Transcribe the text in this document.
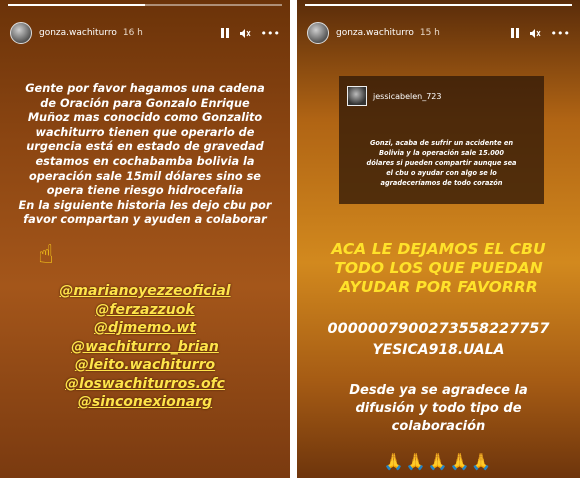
gonza.wachiturro 16 h	•••

Gente por favor hagamos una cadena

de Oración para Gonzalo Enrique

Muñoz mas conocido como Gonzalito

wachiturro tienen que operarlo de

urgencia está en estado de gravedad

estamos en cochabamba bolivia la

operación sale 15mil dólares sino se

opera tiene riesgo hidrocefalia

En la siguiente historia les dejo cbu por

favor compartan y ayuden a colaborar

☝
@marianoyezzeoficial
@ferzazzuok
@djmemo.wt
@wachiturro_brian
@leito.wachiturro
@loswachiturros.ofc
@sinconexionarg
gonza.wachiturro 15 h	•••
jessicabelen_723

Gonzi, acaba de sufrir un accidente en

Bolivia y la operación sale 15.000

dólares si pueden compartir aunque sea

el cbu o ayudar con algo se lo

agradeceríamos de todo corazón

ACA LE DEJAMOS EL CBU

TODO LOS QUE PUEDAN

AYUDAR POR FAVORRR

0000007900273558227757
YESICA918.UALA

Desde ya se agradece la

difusión y todo tipo de

colaboración

🙏🙏🙏🙏🙏
